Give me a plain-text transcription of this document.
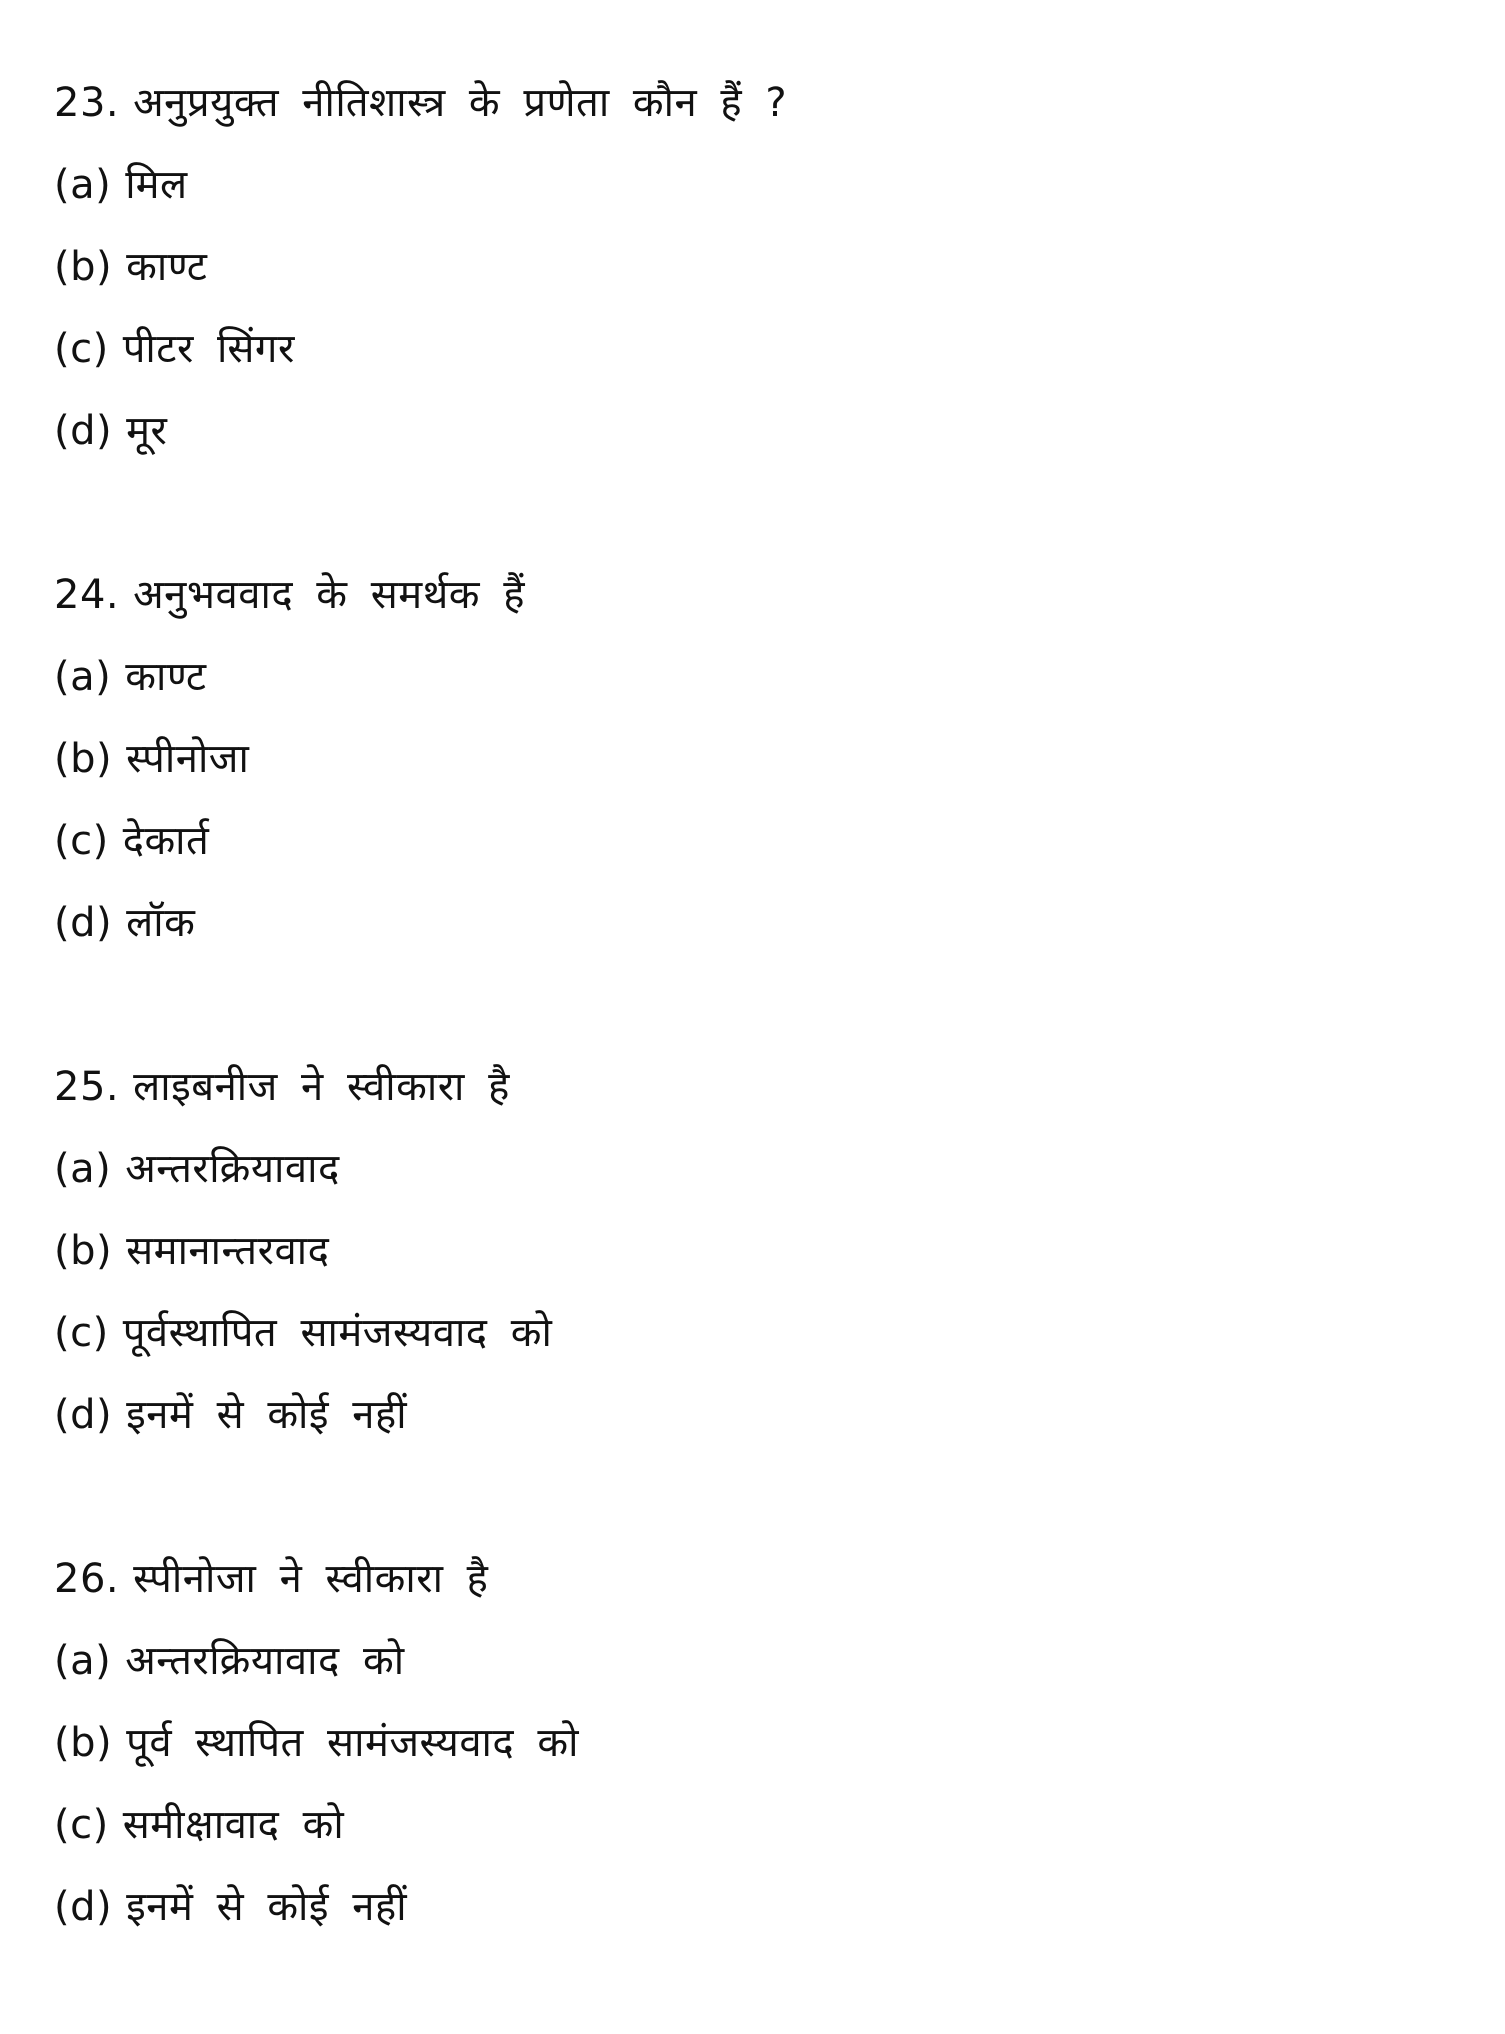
23. अनुप्रयुक्त नीतिशास्त्र के प्रणेता कौन हैं ?
(a) मिल
(b) काण्ट
(c) पीटर सिंगर
(d) मूर
24. अनुभववाद के समर्थक हैं
(a) काण्ट
(b) स्पीनोजा
(c) देकार्त
(d) लॉक
25. लाइबनीज ने स्वीकारा है
(a) अन्तरक्रियावाद
(b) समानान्तरवाद
(c) पूर्वस्थापित सामंजस्यवाद को
(d) इनमें से कोई नहीं
26. स्पीनोजा ने स्वीकारा है
(a) अन्तरक्रियावाद को
(b) पूर्व स्थापित सामंजस्यवाद को
(c) समीक्षावाद को
(d) इनमें से कोई नहीं
